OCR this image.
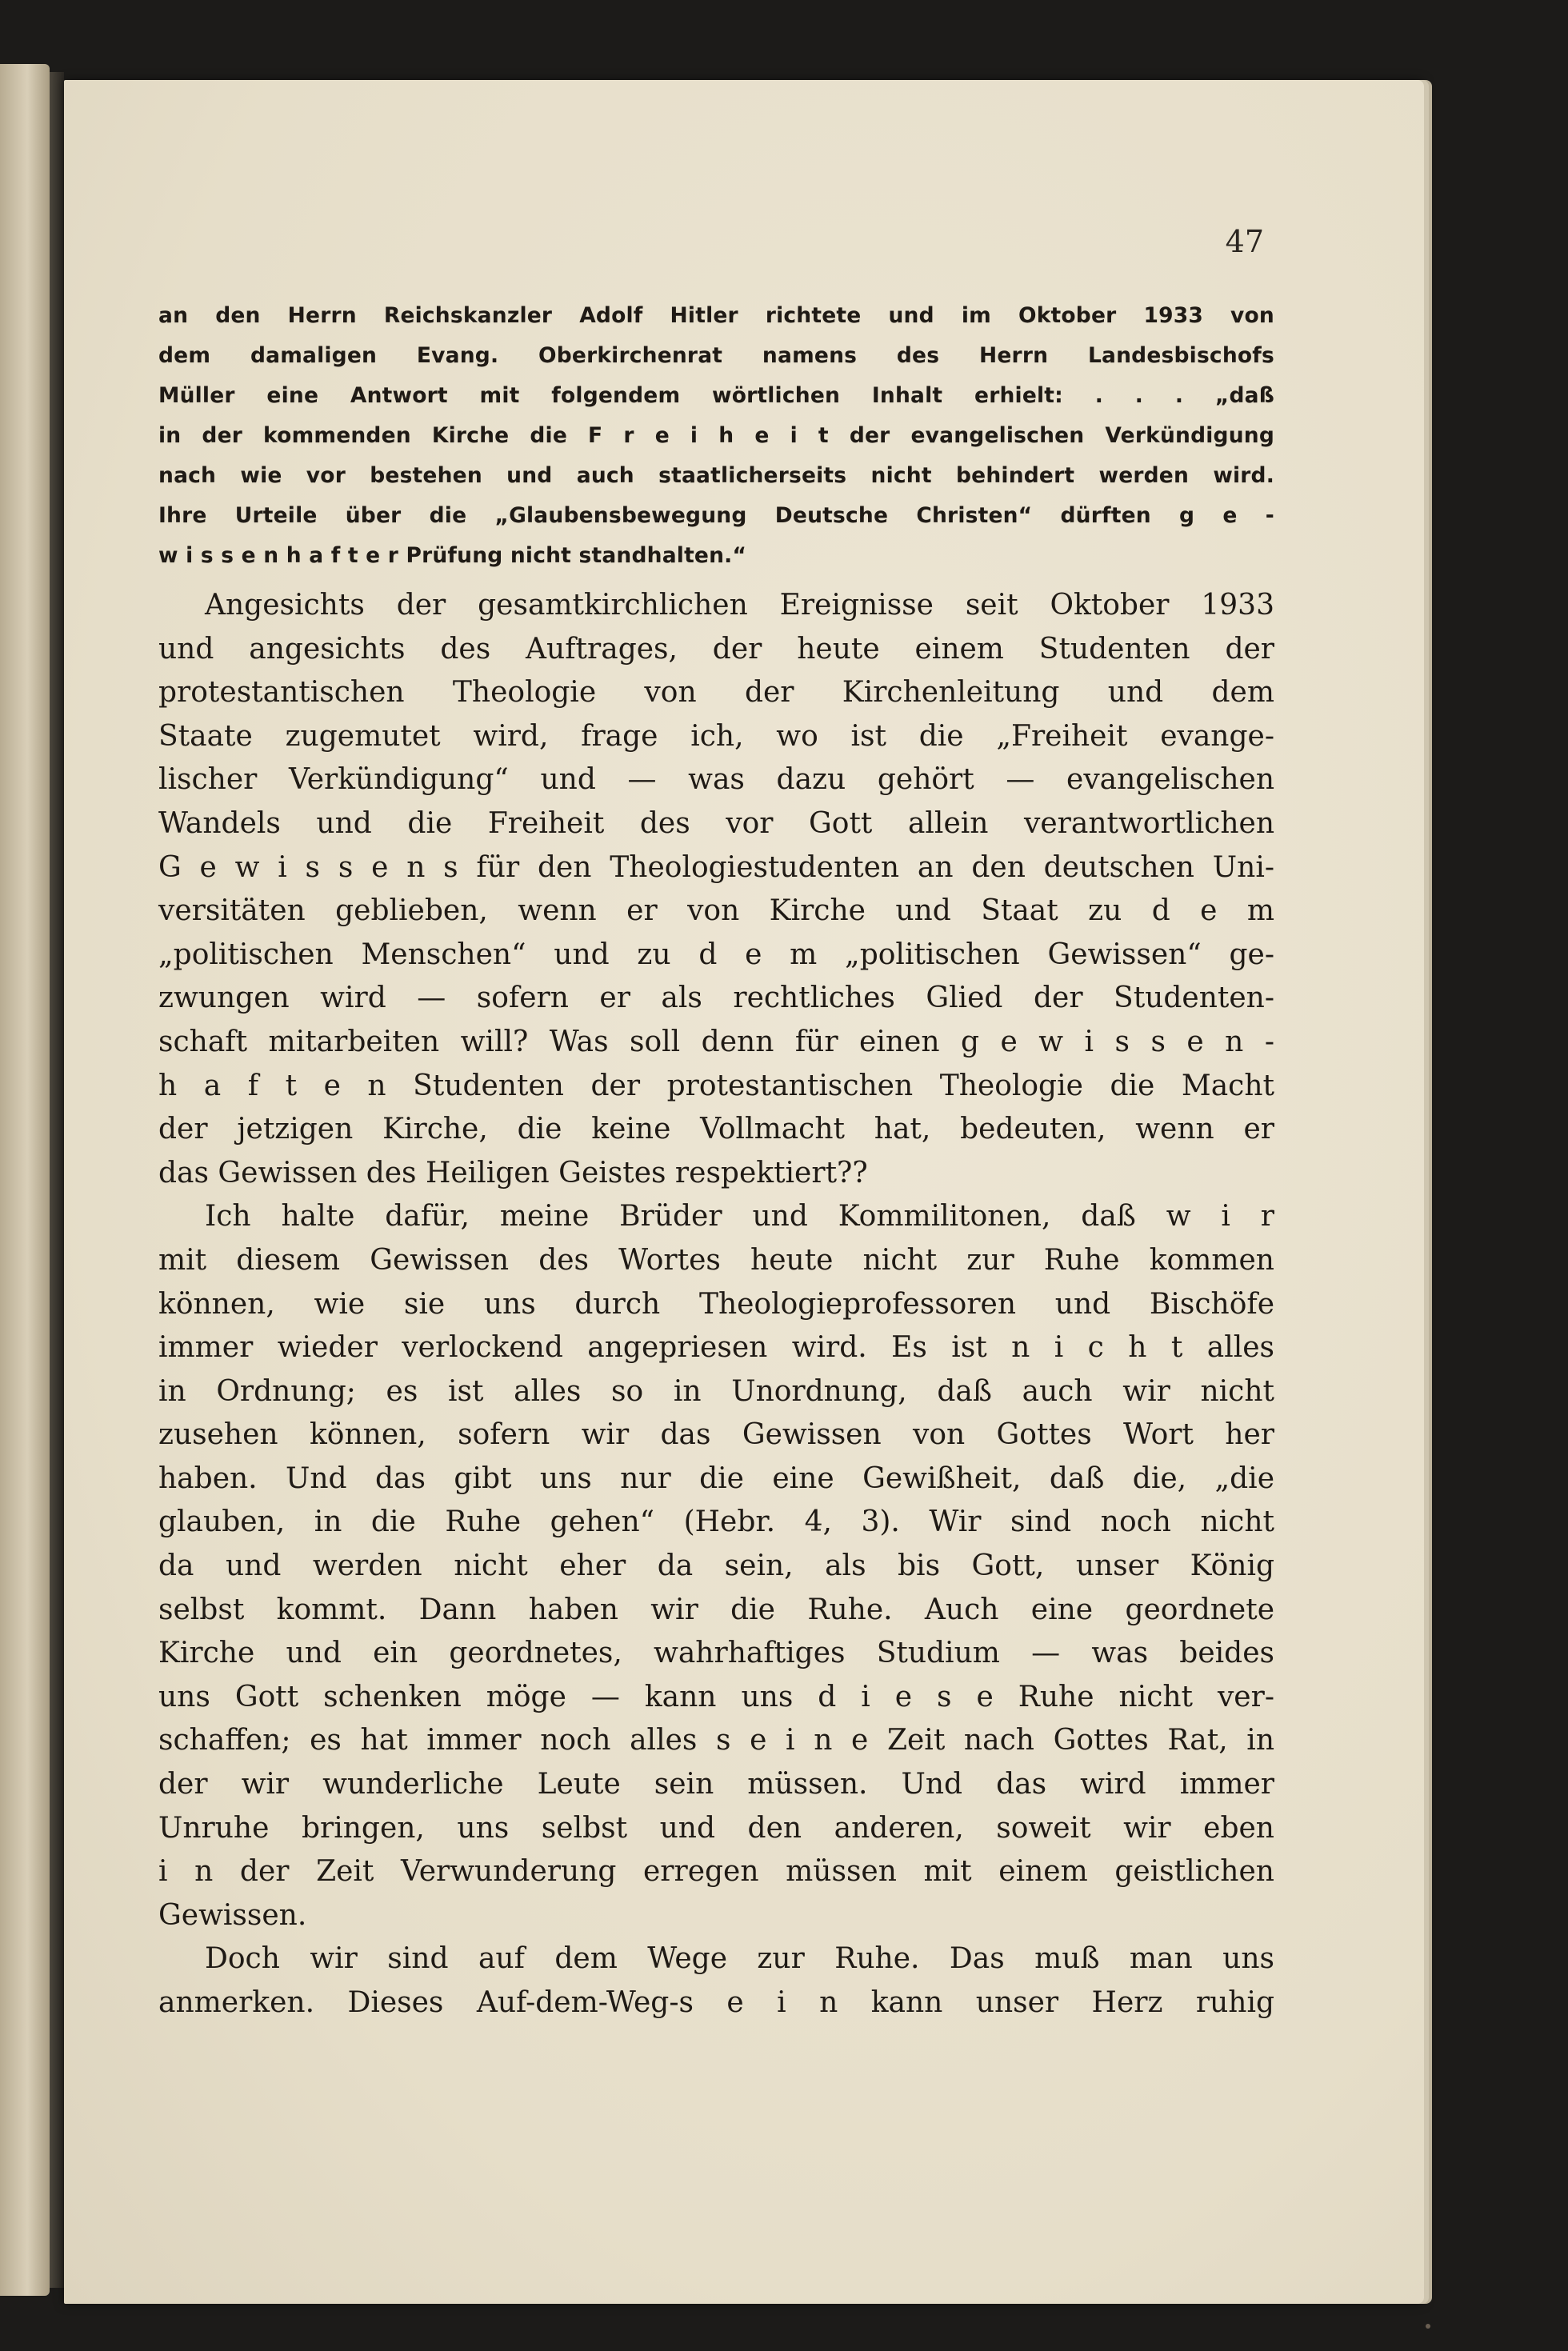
47
an den Herrn Reichskanzler Adolf Hitler richtete und im Oktober 1933 von
dem damaligen Evang. Oberkirchenrat namens des Herrn Landesbischofs
Müller eine Antwort mit folgendem wörtlichen Inhalt erhielt: . . . „daß
in der kommenden Kirche die F r e i h e i t der evangelischen Verkündigung
nach wie vor bestehen und auch staatlicherseits nicht behindert werden wird.
Ihre Urteile über die „Glaubensbewegung Deutsche Christen“ dürften g e -
w i s s e n h a f t e r Prüfung nicht standhalten.“
Angesichts der gesamtkirchlichen Ereignisse seit Oktober 1933
und angesichts des Auftrages, der heute einem Studenten der
protestantischen Theologie von der Kirchenleitung und dem
Staate zugemutet wird, frage ich, wo ist die „Freiheit evange-
lischer Verkündigung“ und — was dazu gehört — evangelischen
Wandels und die Freiheit des vor Gott allein verantwortlichen
G e w i s s e n s für den Theologiestudenten an den deutschen Uni-
versitäten geblieben, wenn er von Kirche und Staat zu d e m
„politischen Menschen“ und zu d e m „politischen Gewissen“ ge-
zwungen wird — sofern er als rechtliches Glied der Studenten-
schaft mitarbeiten will? Was soll denn für einen g e w i s s e n -
h a f t e n Studenten der protestantischen Theologie die Macht
der jetzigen Kirche, die keine Vollmacht hat, bedeuten, wenn er
das Gewissen des Heiligen Geistes respektiert??
Ich halte dafür, meine Brüder und Kommilitonen, daß w i r
mit diesem Gewissen des Wortes heute nicht zur Ruhe kommen
können, wie sie uns durch Theologieprofessoren und Bischöfe
immer wieder verlockend angepriesen wird. Es ist n i c h t alles
in Ordnung; es ist alles so in Unordnung, daß auch wir nicht
zusehen können, sofern wir das Gewissen von Gottes Wort her
haben. Und das gibt uns nur die eine Gewißheit, daß die, „die
glauben, in die Ruhe gehen“ (Hebr. 4, 3). Wir sind noch nicht
da und werden nicht eher da sein, als bis Gott, unser König
selbst kommt. Dann haben wir die Ruhe. Auch eine geordnete
Kirche und ein geordnetes, wahrhaftiges Studium — was beides
uns Gott schenken möge — kann uns d i e s e Ruhe nicht ver-
schaffen; es hat immer noch alles s e i n e Zeit nach Gottes Rat, in
der wir wunderliche Leute sein müssen. Und das wird immer
Unruhe bringen, uns selbst und den anderen, soweit wir eben
i n der Zeit Verwunderung erregen müssen mit einem geistlichen
Gewissen.
Doch wir sind auf dem Wege zur Ruhe. Das muß man uns
anmerken. Dieses Auf-dem-Weg-s e i n kann unser Herz ruhig
